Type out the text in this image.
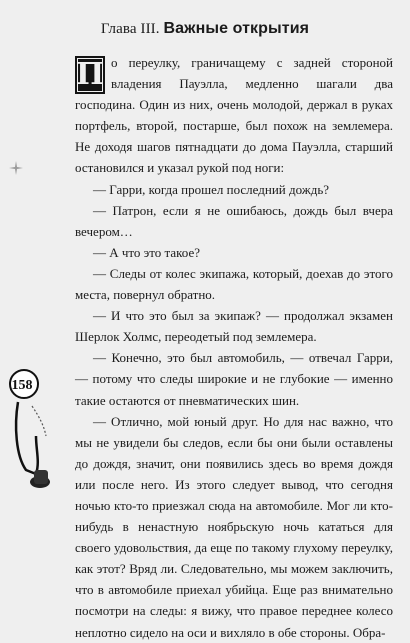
Глава III. Важные открытия

П о переулку, граничащему с задней стороной владения Пауэлла, медленно шагали два господина. Один из них, очень молодой, держал в руках портфель, второй, постарше, был похож на землемера. Не доходя шагов пятнадцати до дома Пауэлла, старший остановился и указал рукой под ноги:

— Гарри, когда прошел последний дождь?

— Патрон, если я не ошибаюсь, дождь был вчера вечером…

— А что это такое?

— Следы от колес экипажа, который, доехав до этого места, повернул обратно.

— И что это был за экипаж? — продолжал экзамен Шерлок Холмс, переодетый под землемера.

— Конечно, это был автомобиль, — отвечал Гарри, — потому что следы широкие и не глубокие — именно такие остаются от пневматических шин.

— Отлично, мой юный друг. Но для нас важно, что мы не увидели бы следов, если бы они были оставлены до дождя, значит, они появились здесь во время дождя или после него. Из этого следует вывод, что сегодня ночью кто-то приезжал сюда на автомобиле. Мог ли кто-нибудь в ненастную ноябрьскую ночь кататься для своего удовольствия, да еще по такому глухому переулку, как этот? Вряд ли. Следовательно, мы можем заключить, что в автомобиле приехал убийца. Еще раз внимательно посмотри на следы: я вижу, что правое переднее колесо неплотно сидело на оси и вихляло в обе стороны. Обра-

158
